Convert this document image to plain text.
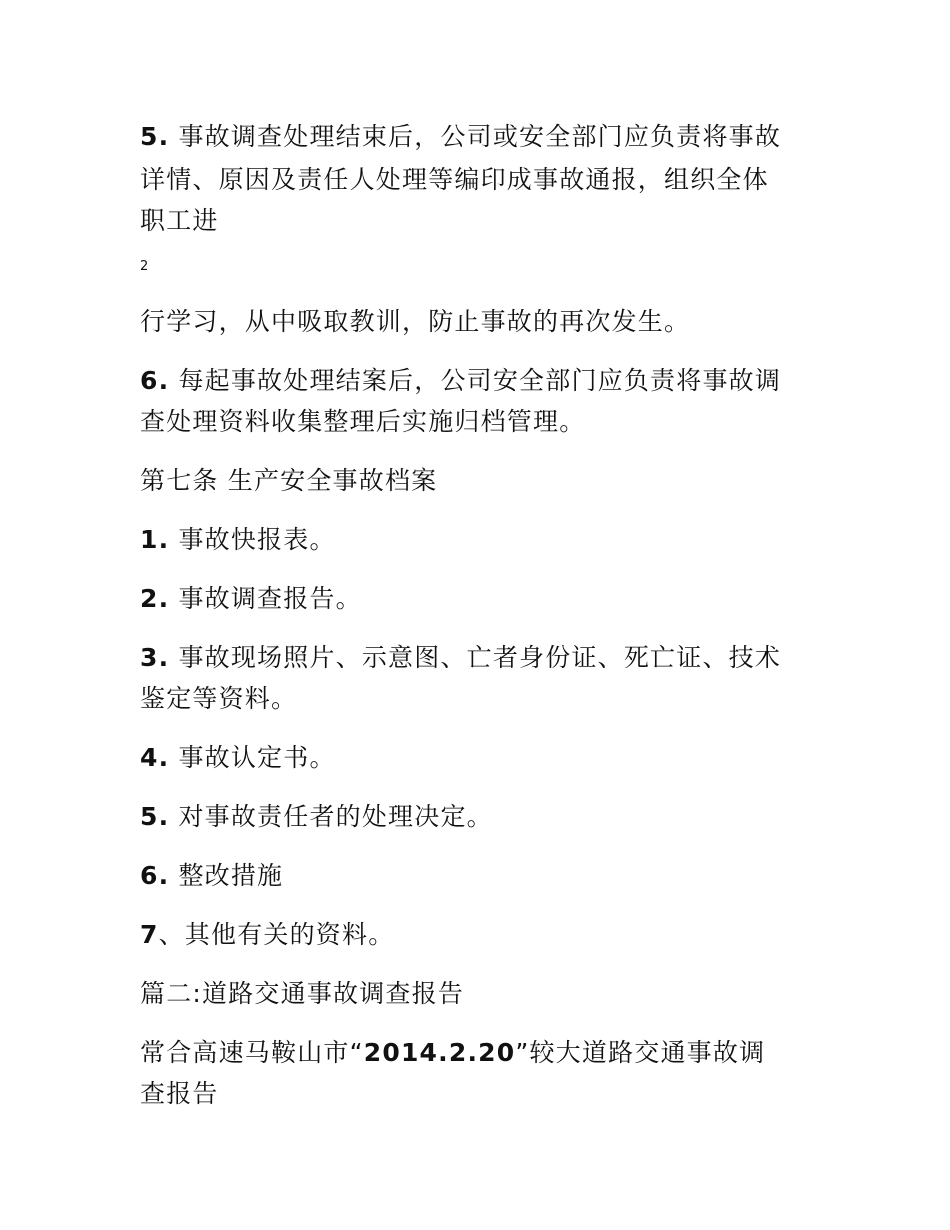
5. 事故调查处理结束后，公司或安全部门应负责将事故
详情、原因及责任人处理等编印成事故通报，组织全体
职工进
2
行学习，从中吸取教训，防止事故的再次发生。
6. 每起事故处理结案后，公司安全部门应负责将事故调
查处理资料收集整理后实施归档管理。
第七条 生产安全事故档案
1. 事故快报表。
2. 事故调查报告。
3. 事故现场照片、示意图、亡者身份证、死亡证、技术
鉴定等资料。
4. 事故认定书。
5. 对事故责任者的处理决定。
6. 整改措施
7、其他有关的资料。
篇二:道路交通事故调查报告
常合高速马鞍山市“2014.2.20”较大道路交通事故调
查报告
